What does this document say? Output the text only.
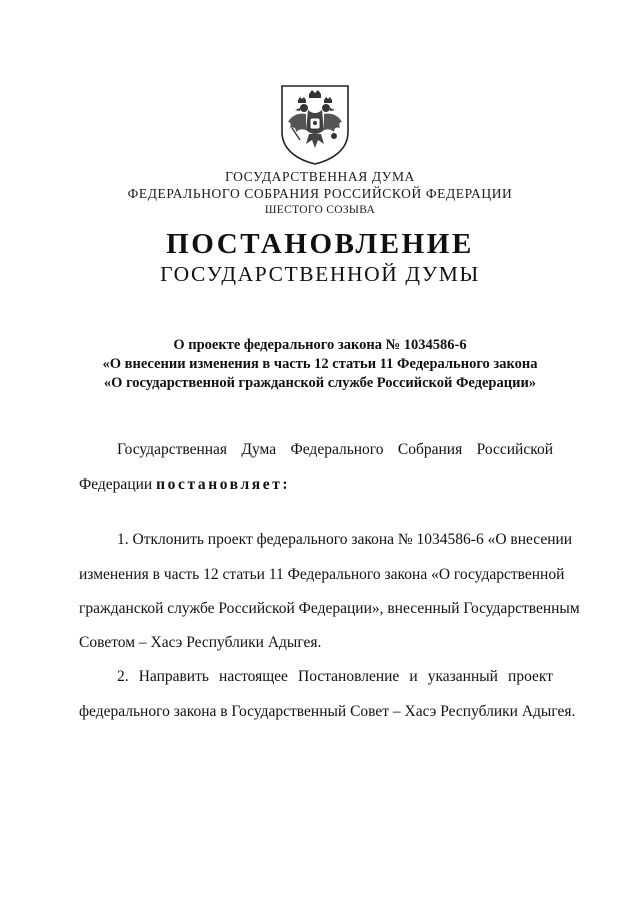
ГОСУДАРСТВЕННАЯ ДУМА
ФЕДЕРАЛЬНОГО СОБРАНИЯ РОССИЙСКОЙ ФЕДЕРАЦИИ
ШЕСТОГО СОЗЫВА
ПОСТАНОВЛЕНИЕ
ГОСУДАРСТВЕННОЙ ДУМЫ
О проекте федерального закона № 1034586-6
«О внесении изменения в часть 12 статьи 11 Федерального закона
«О государственной гражданской службе Российской Федерации»
Государственная Дума Федерального Собрания Российской
Федерации постановляет:
1. Отклонить проект федерального закона № 1034586-6 «О внесении
изменения в часть 12 статьи 11 Федерального закона «О государственной
гражданской службе Российской Федерации», внесенный Государственным
Советом – Хасэ Республики Адыгея.
2. Направить настоящее Постановление и указанный проект
федерального закона в Государственный Совет – Хасэ Республики Адыгея.
